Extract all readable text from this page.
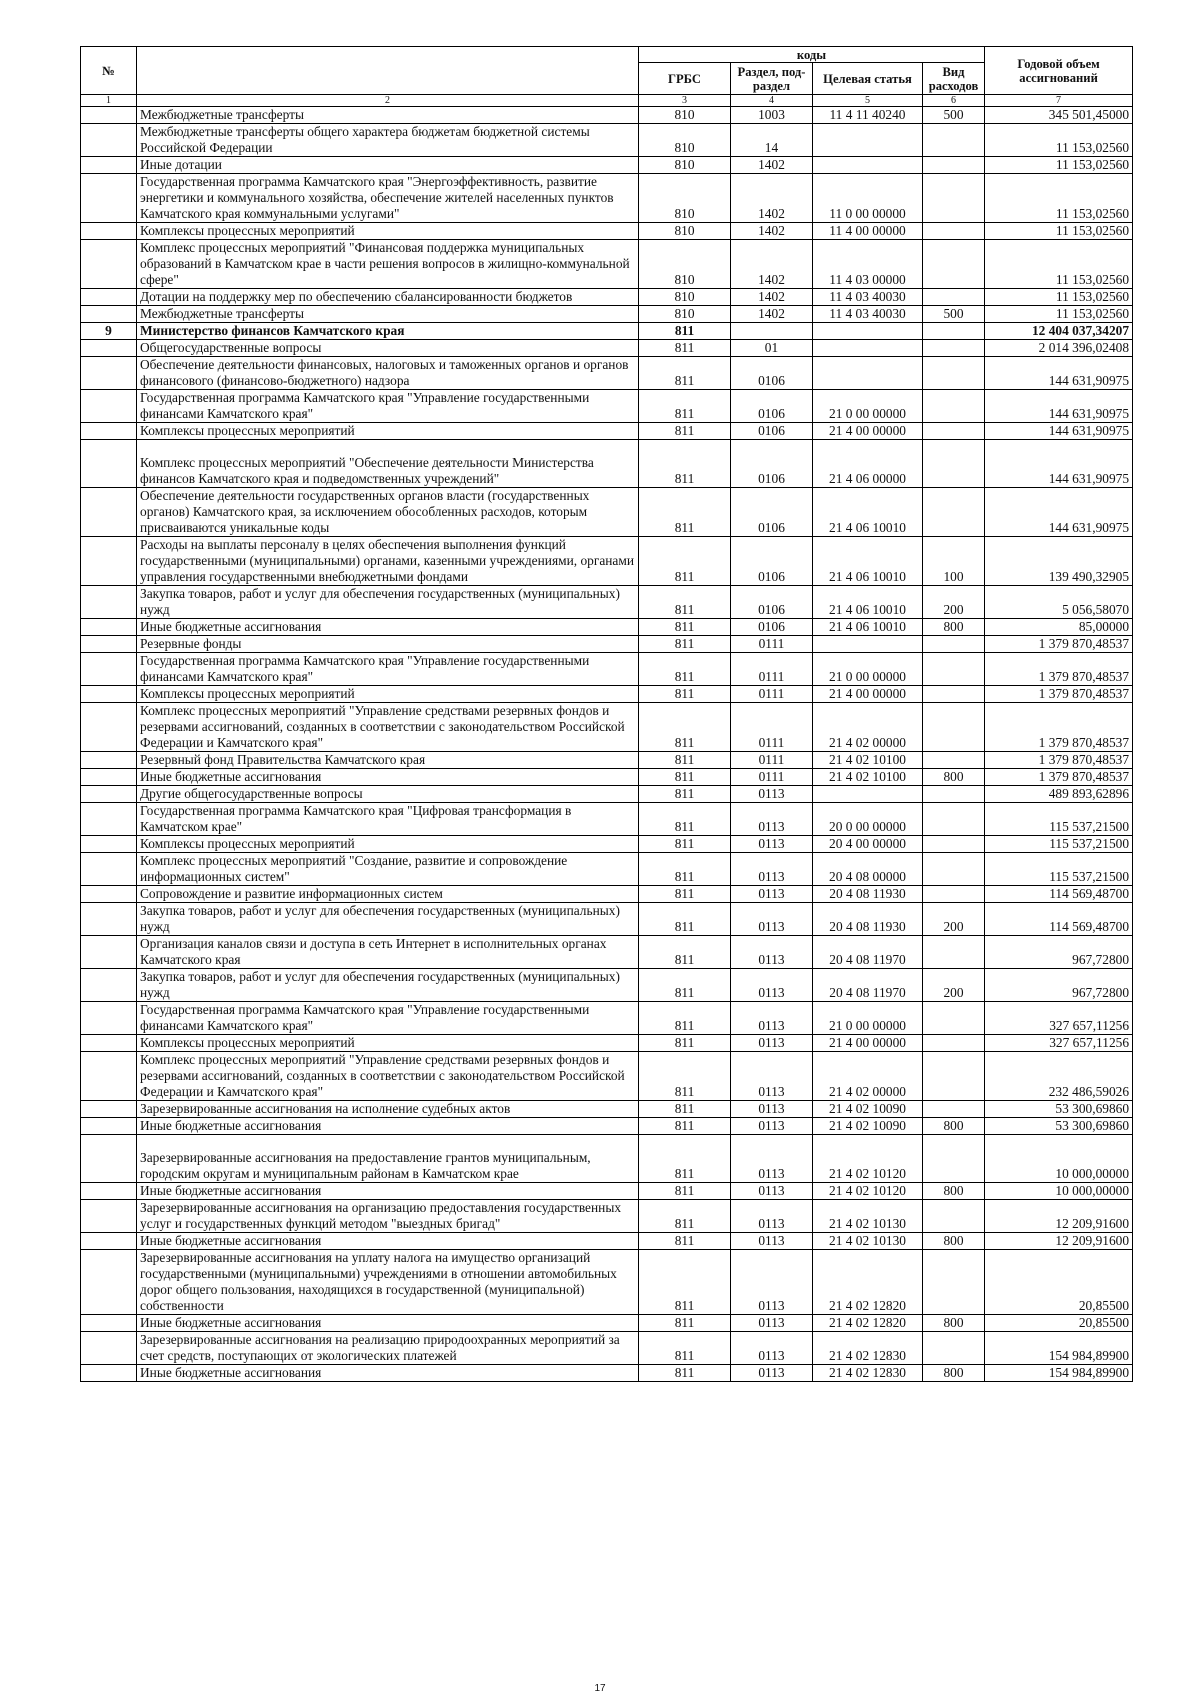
№		коды				Годовой объем ассигнований
		ГРБС	Раздел, под-раздел	Целевая статья	Вид расходов	
1	2	3	4	5	6	7
	Межбюджетные трансферты	810	1003	11 4 11 40240	500	345 501,45000
	Межбюджетные трансферты общего характера бюджетам бюджетной системы Российской Федерации	810	14			11 153,02560
	Иные дотации	810	1402			11 153,02560
	Государственная программа Камчатского края "Энергоэффективность, развитие энергетики и коммунального хозяйства, обеспечение жителей населенных пунктов Камчатского края коммунальными услугами"	810	1402	11 0 00 00000		11 153,02560
	Комплексы процессных мероприятий	810	1402	11 4 00 00000		11 153,02560
	Комплекс процессных мероприятий "Финансовая поддержка муниципальных образований в Камчатском крае в части решения вопросов в жилищно-коммунальной сфере"	810	1402	11 4 03 00000		11 153,02560
	Дотации на поддержку мер по обеспечению сбалансированности бюджетов	810	1402	11 4 03 40030		11 153,02560
	Межбюджетные трансферты	810	1402	11 4 03 40030	500	11 153,02560
9	Министерство финансов Камчатского края	811				12 404 037,34207
	Общегосударственные вопросы	811	01			2 014 396,02408
	Обеспечение деятельности финансовых, налоговых и таможенных органов и органов финансового (финансово-бюджетного) надзора	811	0106			144 631,90975
	Государственная программа Камчатского края "Управление государственными финансами Камчатского края"	811	0106	21 0 00 00000		144 631,90975
	Комплексы процессных мероприятий	811	0106	21 4 00 00000		144 631,90975
	Комплекс процессных мероприятий "Обеспечение деятельности Министерства финансов Камчатского края и подведомственных учреждений"	811	0106	21 4 06 00000		144 631,90975
	Обеспечение деятельности государственных органов власти (государственных органов) Камчатского края, за исключением обособленных расходов, которым присваиваются уникальные коды	811	0106	21 4 06 10010		144 631,90975
	Расходы на выплаты персоналу в целях обеспечения выполнения функций государственными (муниципальными) органами, казенными учреждениями, органами управления государственными внебюджетными фондами	811	0106	21 4 06 10010	100	139 490,32905
	Закупка товаров, работ и услуг для обеспечения государственных (муниципальных) нужд	811	0106	21 4 06 10010	200	5 056,58070
	Иные бюджетные ассигнования	811	0106	21 4 06 10010	800	85,00000
	Резервные фонды	811	0111			1 379 870,48537
	Государственная программа Камчатского края "Управление государственными финансами Камчатского края"	811	0111	21 0 00 00000		1 379 870,48537
	Комплексы процессных мероприятий	811	0111	21 4 00 00000		1 379 870,48537
	Комплекс процессных мероприятий "Управление средствами резервных фондов и резервами ассигнований, созданных в соответствии с законодательством Российской Федерации и Камчатского края"	811	0111	21 4 02 00000		1 379 870,48537
	Резервный фонд Правительства Камчатского края	811	0111	21 4 02 10100		1 379 870,48537
	Иные бюджетные ассигнования	811	0111	21 4 02 10100	800	1 379 870,48537
	Другие общегосударственные вопросы	811	0113			489 893,62896
	Государственная программа Камчатского края "Цифровая трансформация в Камчатском крае"	811	0113	20 0 00 00000		115 537,21500
	Комплексы процессных мероприятий	811	0113	20 4 00 00000		115 537,21500
	Комплекс процессных мероприятий "Создание, развитие и сопровождение информационных систем"	811	0113	20 4 08 00000		115 537,21500
	Сопровождение и развитие информационных систем	811	0113	20 4 08 11930		114 569,48700
	Закупка товаров, работ и услуг для обеспечения государственных (муниципальных) нужд	811	0113	20 4 08 11930	200	114 569,48700
	Организация каналов связи и доступа в сеть Интернет в исполнительных органах Камчатского края	811	0113	20 4 08 11970		967,72800
	Закупка товаров, работ и услуг для обеспечения государственных (муниципальных) нужд	811	0113	20 4 08 11970	200	967,72800
	Государственная программа Камчатского края "Управление государственными финансами Камчатского края"	811	0113	21 0 00 00000		327 657,11256
	Комплексы процессных мероприятий	811	0113	21 4 00 00000		327 657,11256
	Комплекс процессных мероприятий "Управление средствами резервных фондов и резервами ассигнований, созданных в соответствии с законодательством Российской Федерации и Камчатского края"	811	0113	21 4 02 00000		232 486,59026
	Зарезервированные ассигнования на исполнение судебных актов	811	0113	21 4 02 10090		53 300,69860
	Иные бюджетные ассигнования	811	0113	21 4 02 10090	800	53 300,69860
	Зарезервированные ассигнования на предоставление грантов муниципальным, городским округам и муниципальным районам в Камчатском крае	811	0113	21 4 02 10120		10 000,00000
	Иные бюджетные ассигнования	811	0113	21 4 02 10120	800	10 000,00000
	Зарезервированные ассигнования на организацию предоставления государственных услуг и государственных функций методом "выездных бригад"	811	0113	21 4 02 10130		12 209,91600
	Иные бюджетные ассигнования	811	0113	21 4 02 10130	800	12 209,91600
	Зарезервированные ассигнования на уплату налога на имущество организаций государственными (муниципальными) учреждениями в отношении автомобильных дорог общего пользования, находящихся в государственной (муниципальной) собственности	811	0113	21 4 02 12820		20,85500
	Иные бюджетные ассигнования	811	0113	21 4 02 12820	800	20,85500
	Зарезервированные ассигнования на реализацию природоохранных мероприятий за счет средств, поступающих от экологических платежей	811	0113	21 4 02 12830		154 984,89900
	Иные бюджетные ассигнования	811	0113	21 4 02 12830	800	154 984,89900
17
